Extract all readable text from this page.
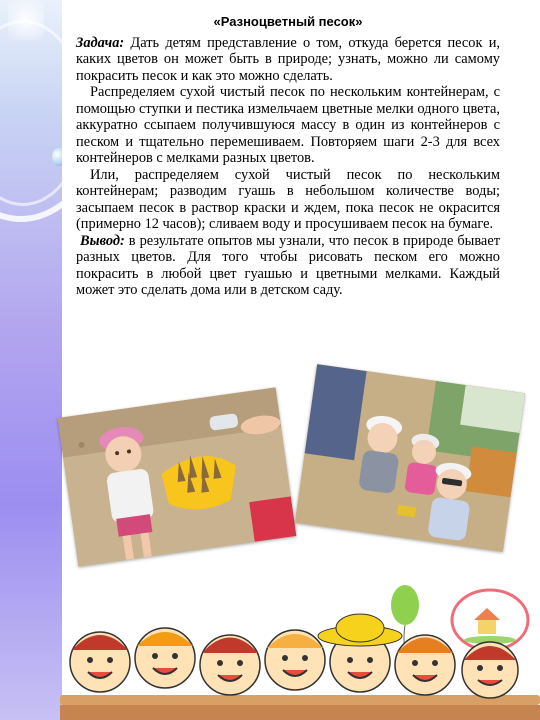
«Разноцветный песок»

Задача: Дать детям представление о том, откуда берется песок и, каких цветов он может быть в природе; узнать, можно ли самому покрасить песок и как это можно сделать.

Распределяем сухой чистый песок по нескольким контейнерам, с помощью ступки и пестика измельчаем цветные мелки одного цвета, аккуратно ссыпаем получившуюся массу в один из контейнеров с песком и тщательно перемешиваем. Повторяем шаги 2-3 для всех контейнеров с мелками разных цветов.

Или, распределяем сухой чистый песок по нескольким контейнерам; разводим гуашь в небольшом количестве воды; засыпаем песок в раствор краски и ждем, пока песок не окрасится (примерно 12 часов); сливаем воду и просушиваем песок на бумаге.

Вывод: в результате опытов мы узнали, что песок в природе бывает разных цветов. Для того чтобы рисовать песком его можно покрасить в любой цвет гуашью и цветными мелками. Каждый может это сделать дома или в детском саду.
